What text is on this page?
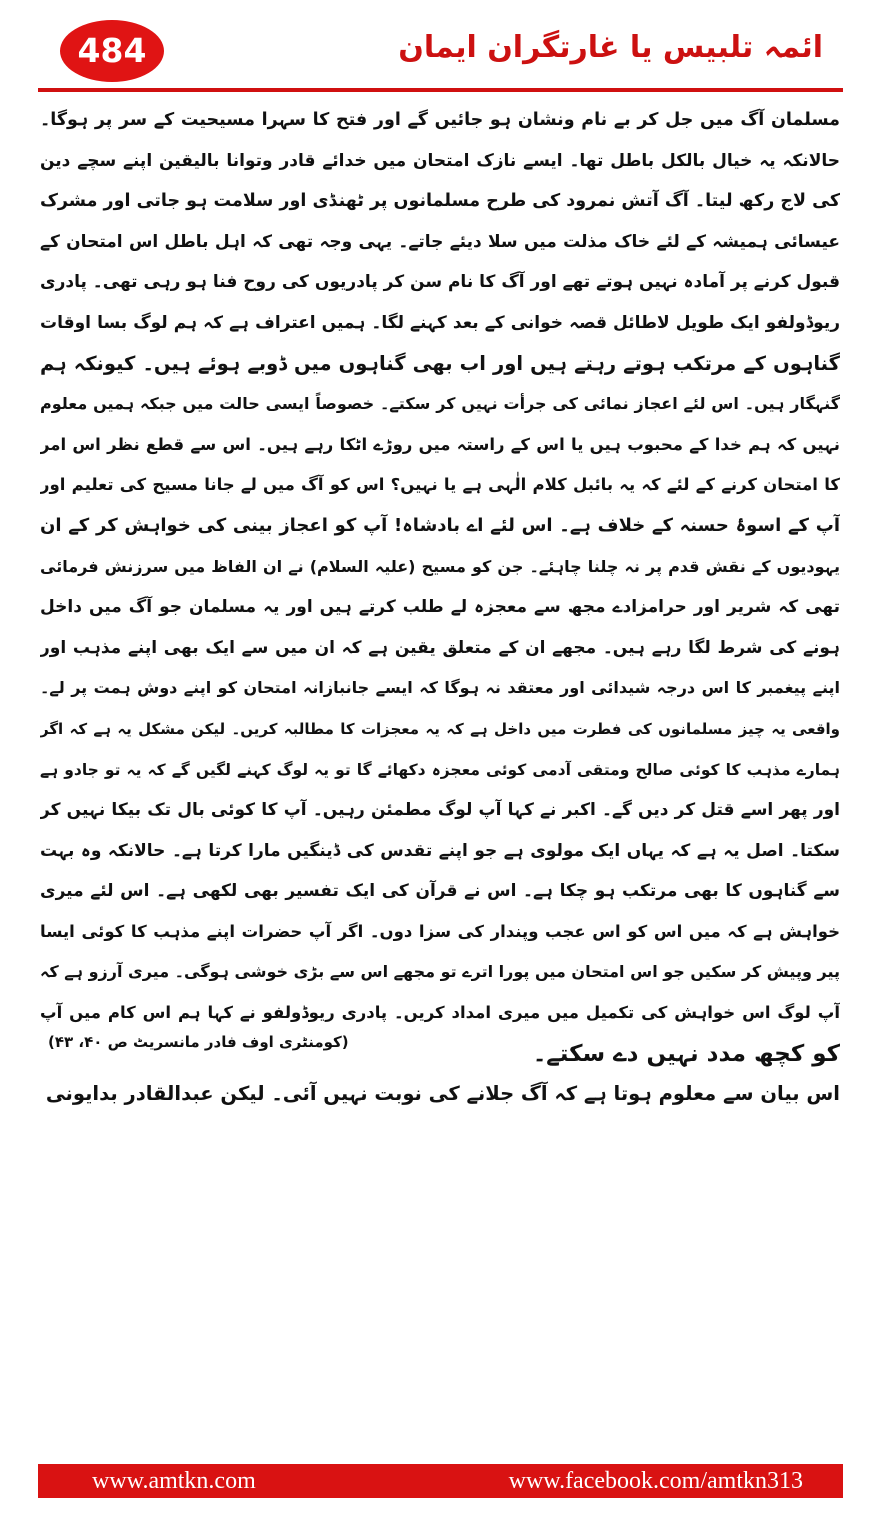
484	ائمہ تلبیس یا غارتگران ایمان
مسلمان آگ میں جل کر بے نام ونشان ہو جائیں گے اور فتح کا سہرا مسیحیت کے سر پر ہوگا۔
حالانکہ یہ خیال بالکل باطل تھا۔ ایسے نازک امتحان میں خدائے قادر وتوانا بالیقین اپنے سچے دین
کی لاج رکھ لیتا۔ آگ آتش نمرود کی طرح مسلمانوں پر ٹھنڈی اور سلامت ہو جاتی اور مشرک
عیسائی ہمیشہ کے لئے خاک مذلت میں سلا دیئے جاتے۔ یہی وجہ تھی کہ اہل باطل اس امتحان کے
قبول کرنے پر آمادہ نہیں ہوتے تھے اور آگ کا نام سن کر پادریوں کی روح فنا ہو رہی تھی۔ پادری
ریوڈولفو ایک طویل لاطائل قصہ خوانی کے بعد کہنے لگا۔ ہمیں اعتراف ہے کہ ہم لوگ بسا اوقات
گناہوں کے مرتکب ہوتے رہتے ہیں اور اب بھی گناہوں میں ڈوبے ہوئے ہیں۔ کیونکہ ہم
گنہگار ہیں۔ اس لئے اعجاز نمائی کی جرأت نہیں کر سکتے۔ خصوصاً ایسی حالت میں جبکہ ہمیں معلوم
نہیں کہ ہم خدا کے محبوب ہیں یا اس کے راستہ میں روڑے اٹکا رہے ہیں۔ اس سے قطع نظر اس امر
کا امتحان کرنے کے لئے کہ یہ بائبل کلام الٰہی ہے یا نہیں؟ اس کو آگ میں لے جانا مسیح کی تعلیم اور
آپ کے اسوۂ حسنہ کے خلاف ہے۔ اس لئے اے بادشاہ! آپ کو اعجاز بینی کی خواہش کر کے ان
یہودیوں کے نقش قدم پر نہ چلنا چاہئے۔ جن کو مسیح (علیہ السلام) نے ان الفاظ میں سرزنش فرمائی
تھی کہ شریر اور حرامزادے مجھ سے معجزہ لے طلب کرتے ہیں اور یہ مسلمان جو آگ میں داخل
ہونے کی شرط لگا رہے ہیں۔ مجھے ان کے متعلق یقین ہے کہ ان میں سے ایک بھی اپنے مذہب اور
اپنے پیغمبر کا اس درجہ شیدائی اور معتقد نہ ہوگا کہ ایسے جانبازانہ امتحان کو اپنے دوش ہمت پر لے۔
واقعی یہ چیز مسلمانوں کی فطرت میں داخل ہے کہ یہ معجزات کا مطالبہ کریں۔ لیکن مشکل یہ ہے کہ اگر
ہمارے مذہب کا کوئی صالح ومتقی آدمی کوئی معجزہ دکھائے گا تو یہ لوگ کہنے لگیں گے کہ یہ تو جادو ہے
اور پھر اسے قتل کر دیں گے۔ اکبر نے کہا آپ لوگ مطمئن رہیں۔ آپ کا کوئی بال تک بیکا نہیں کر
سکتا۔ اصل یہ ہے کہ یہاں ایک مولوی ہے جو اپنے تقدس کی ڈینگیں مارا کرتا ہے۔ حالانکہ وہ بہت
سے گناہوں کا بھی مرتکب ہو چکا ہے۔ اس نے قرآن کی ایک تفسیر بھی لکھی ہے۔ اس لئے میری
خواہش ہے کہ میں اس کو اس عجب وپندار کی سزا دوں۔ اگر آپ حضرات اپنے مذہب کا کوئی ایسا
پیر وپیش کر سکیں جو اس امتحان میں پورا اترے تو مجھے اس سے بڑی خوشی ہوگی۔ میری آرزو ہے کہ
آپ لوگ اس خواہش کی تکمیل میں میری امداد کریں۔ پادری ریوڈولفو نے کہا ہم اس کام میں آپ
کو کچھ مدد نہیں دے سکتے۔
(کومنٹری اوف فادر مانسریٹ ص ۴۰، ۴۳)
اس بیان سے معلوم ہوتا ہے کہ آگ جلانے کی نوبت نہیں آئی۔ لیکن عبدالقادر بدایونی
www.amtkn.com	www.facebook.com/amtkn313
